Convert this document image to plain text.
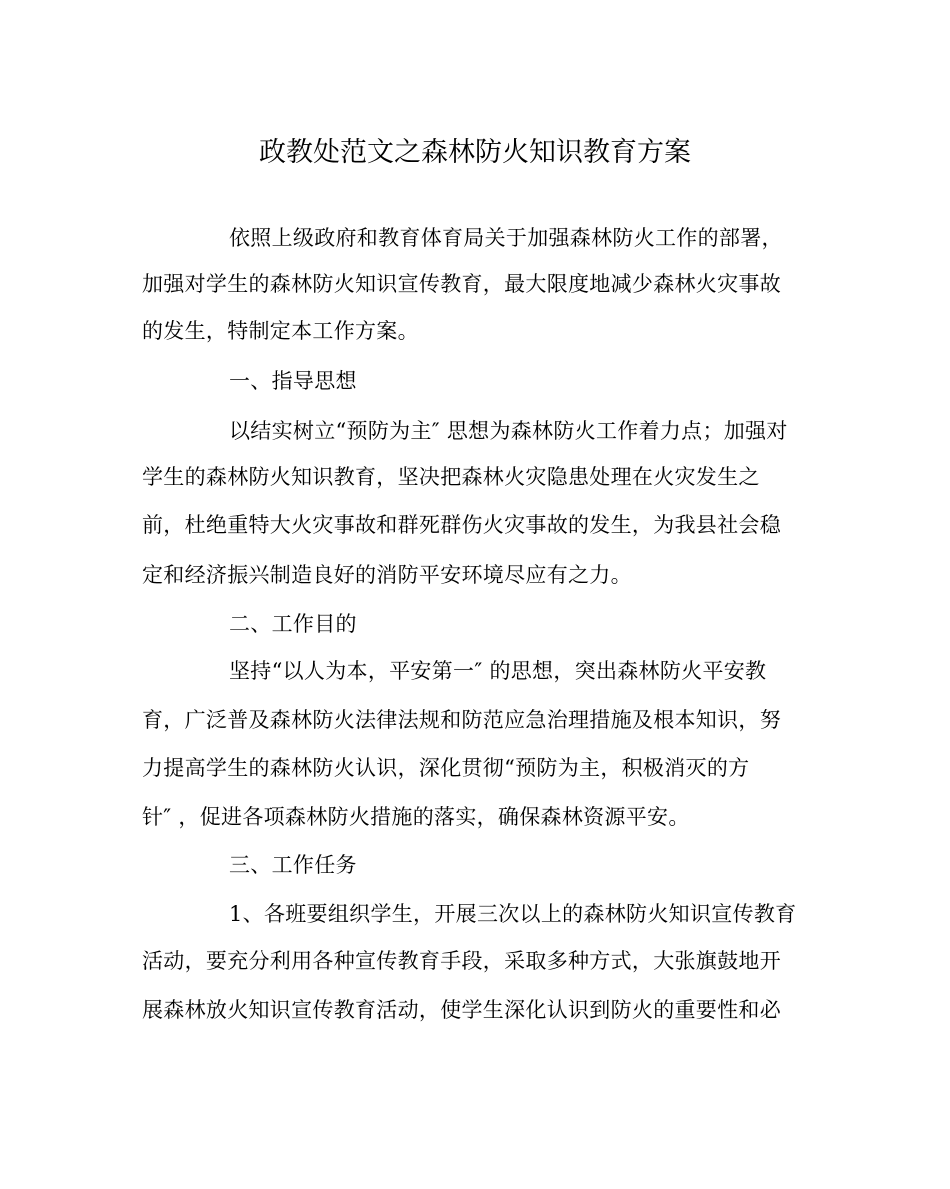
政教处范文之森林防火知识教育方案
依照上级政府和教育体育局关于加强森林防火工作的部署，
加强对学生的森林防火知识宣传教育，最大限度地减少森林火灾事故
的发生，特制定本工作方案。
一、指导思想
以结实树立“预防为主″ 思想为森林防火工作着力点；加强对
学生的森林防火知识教育，坚决把森林火灾隐患处理在火灾发生之
前，杜绝重特大火灾事故和群死群伤火灾事故的发生，为我县社会稳
定和经济振兴制造良好的消防平安环境尽应有之力。
二、工作目的
坚持“以人为本，平安第一″ 的思想，突出森林防火平安教
育，广泛普及森林防火法律法规和防范应急治理措施及根本知识，努
力提高学生的森林防火认识，深化贯彻“预防为主，积极消灭的方
针″ ，促进各项森林防火措施的落实，确保森林资源平安。
三、工作任务
1、各班要组织学生，开展三次以上的森林防火知识宣传教育
活动，要充分利用各种宣传教育手段，采取多种方式，大张旗鼓地开
展森林放火知识宣传教育活动，使学生深化认识到防火的重要性和必
